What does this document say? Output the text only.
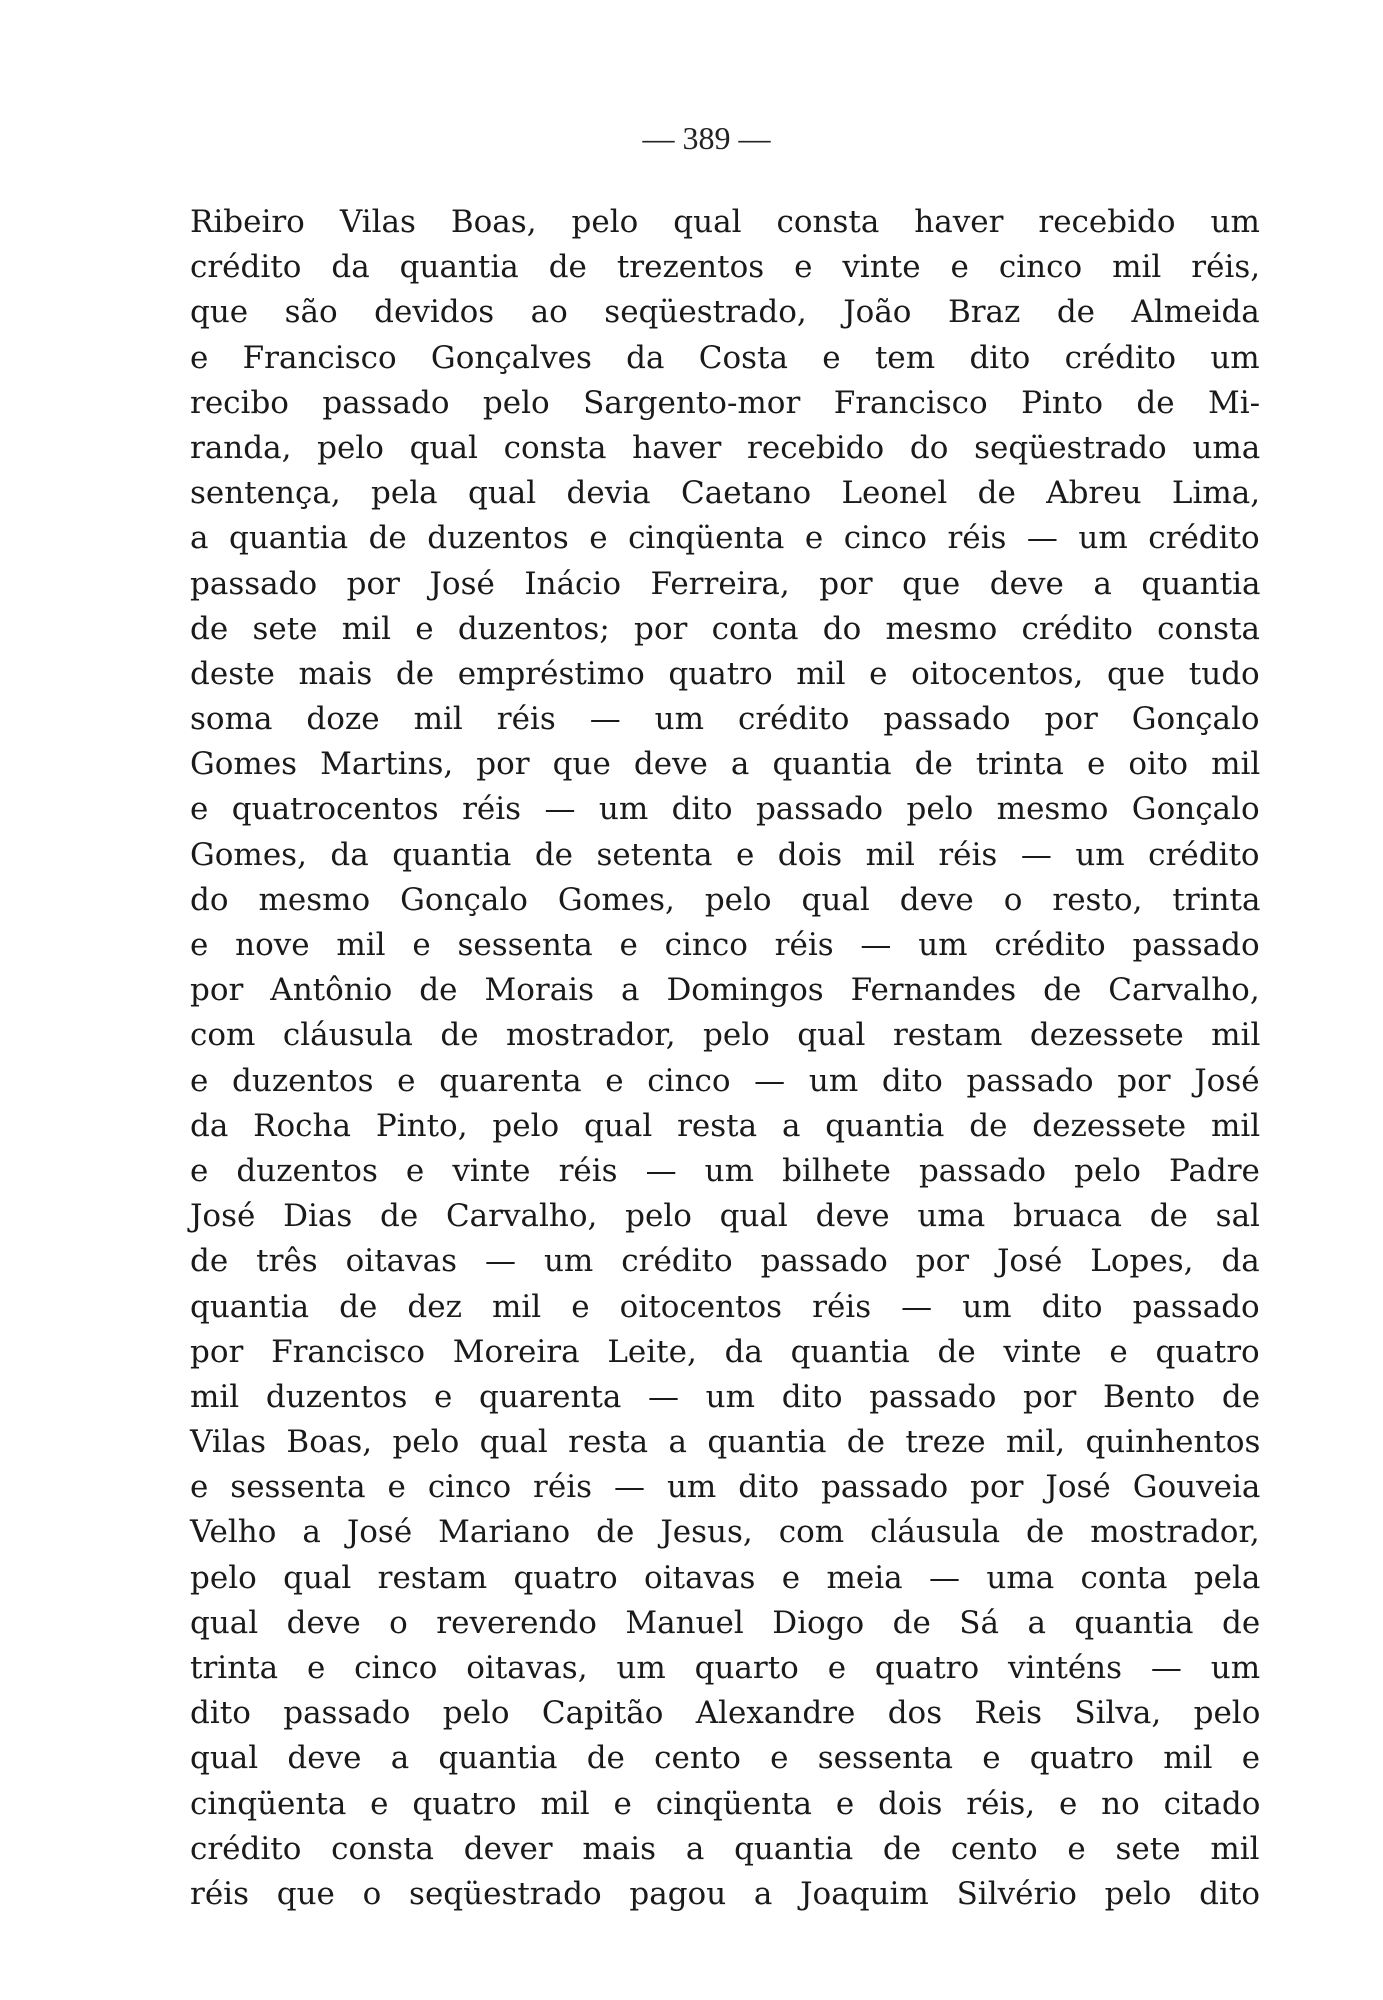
— 389 —
Ribeiro Vilas Boas, pelo qual consta haver recebido um
crédito da quantia de trezentos e vinte e cinco mil réis,
que são devidos ao seqüestrado, João Braz de Almeida
e Francisco Gonçalves da Costa e tem dito crédito um
recibo passado pelo Sargento-mor Francisco Pinto de Mi-
randa, pelo qual consta haver recebido do seqüestrado uma
sentença, pela qual devia Caetano Leonel de Abreu Lima,
a quantia de duzentos e cinqüenta e cinco réis — um crédito
passado por José Inácio Ferreira, por que deve a quantia
de sete mil e duzentos; por conta do mesmo crédito consta
deste mais de empréstimo quatro mil e oitocentos, que tudo
soma doze mil réis — um crédito passado por Gonçalo
Gomes Martins, por que deve a quantia de trinta e oito mil
e quatrocentos réis — um dito passado pelo mesmo Gonçalo
Gomes, da quantia de setenta e dois mil réis — um crédito
do mesmo Gonçalo Gomes, pelo qual deve o resto, trinta
e nove mil e sessenta e cinco réis — um crédito passado
por Antônio de Morais a Domingos Fernandes de Carvalho,
com cláusula de mostrador, pelo qual restam dezessete mil
e duzentos e quarenta e cinco — um dito passado por José
da Rocha Pinto, pelo qual resta a quantia de dezessete mil
e duzentos e vinte réis — um bilhete passado pelo Padre
José Dias de Carvalho, pelo qual deve uma bruaca de sal
de três oitavas — um crédito passado por José Lopes, da
quantia de dez mil e oitocentos réis — um dito passado
por Francisco Moreira Leite, da quantia de vinte e quatro
mil duzentos e quarenta — um dito passado por Bento de
Vilas Boas, pelo qual resta a quantia de treze mil, quinhentos
e sessenta e cinco réis — um dito passado por José Gouveia
Velho a José Mariano de Jesus, com cláusula de mostrador,
pelo qual restam quatro oitavas e meia — uma conta pela
qual deve o reverendo Manuel Diogo de Sá a quantia de
trinta e cinco oitavas, um quarto e quatro vinténs — um
dito passado pelo Capitão Alexandre dos Reis Silva, pelo
qual deve a quantia de cento e sessenta e quatro mil e
cinqüenta e quatro mil e cinqüenta e dois réis, e no citado
crédito consta dever mais a quantia de cento e sete mil
réis que o seqüestrado pagou a Joaquim Silvério pelo dito
